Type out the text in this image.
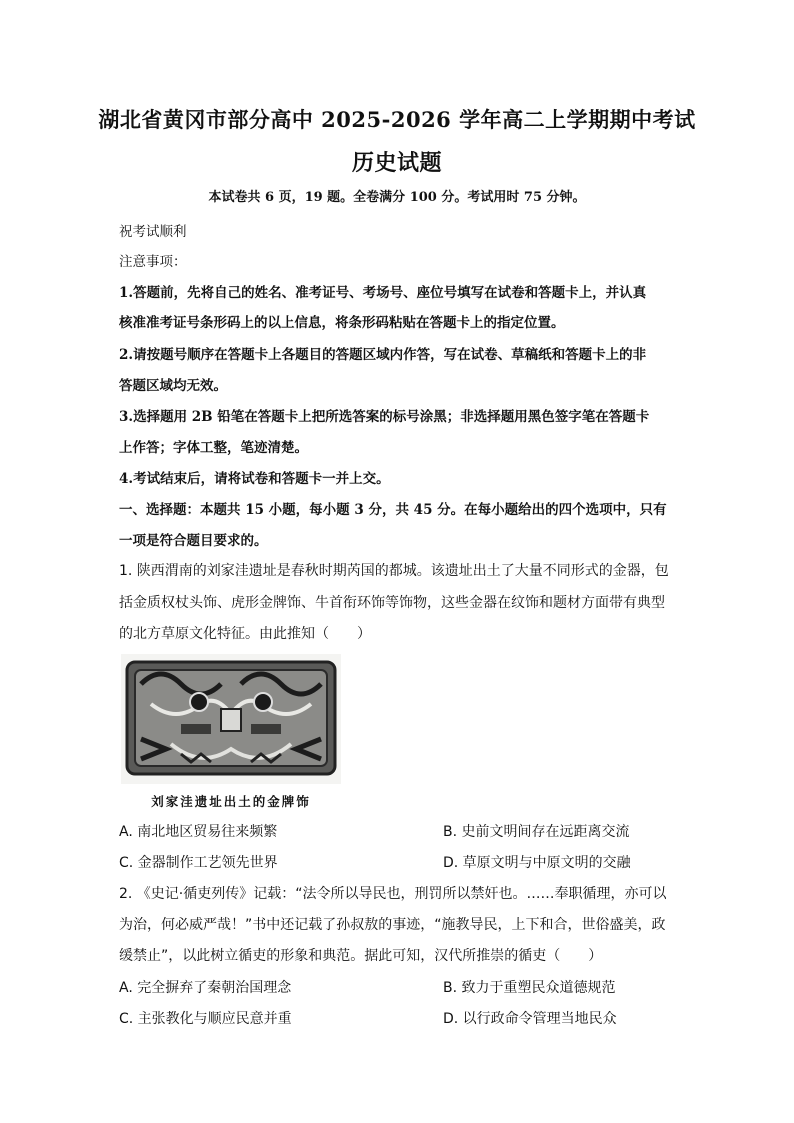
湖北省黄冈市部分高中 2025-2026 学年高二上学期期中考试
历史试题
本试卷共 6 页，19 题。全卷满分 100 分。考试用时 75 分钟。
祝考试顺利
注意事项：
1.答题前，先将自己的姓名、准考证号、考场号、座位号填写在试卷和答题卡上，并认真
核准准考证号条形码上的以上信息，将条形码粘贴在答题卡上的指定位置。
2.请按题号顺序在答题卡上各题目的答题区域内作答，写在试卷、草稿纸和答题卡上的非
答题区域均无效。
3.选择题用 2B 铅笔在答题卡上把所选答案的标号涂黑；非选择题用黑色签字笔在答题卡
上作答；字体工整，笔迹清楚。
4.考试结束后，请将试卷和答题卡一并上交。
一、选择题：本题共 15 小题，每小题 3 分，共 45 分。在每小题给出的四个选项中，只有
一项是符合题目要求的。
1. 陕西渭南的刘家洼遗址是春秋时期芮国的都城。该遗址出土了大量不同形式的金器，包
括金质权杖头饰、虎形金牌饰、牛首衔环饰等饰物，这些金器在纹饰和题材方面带有典型
的北方草原文化特征。由此推知（　　）
刘家洼遗址出土的金牌饰
A. 南北地区贸易往来频繁	B. 史前文明间存在远距离交流
C. 金器制作工艺领先世界	D. 草原文明与中原文明的交融
2. 《史记·循吏列传》记载：“法令所以导民也，刑罚所以禁奸也。……奉职循理，亦可以
为治，何必威严哉！”书中还记载了孙叔敖的事迹，“施教导民，上下和合，世俗盛美，政
缓禁止”，以此树立循吏的形象和典范。据此可知，汉代所推崇的循吏（　　）
A. 完全摒弃了秦朝治国理念	B. 致力于重塑民众道德规范
C. 主张教化与顺应民意并重	D. 以行政命令管理当地民众
